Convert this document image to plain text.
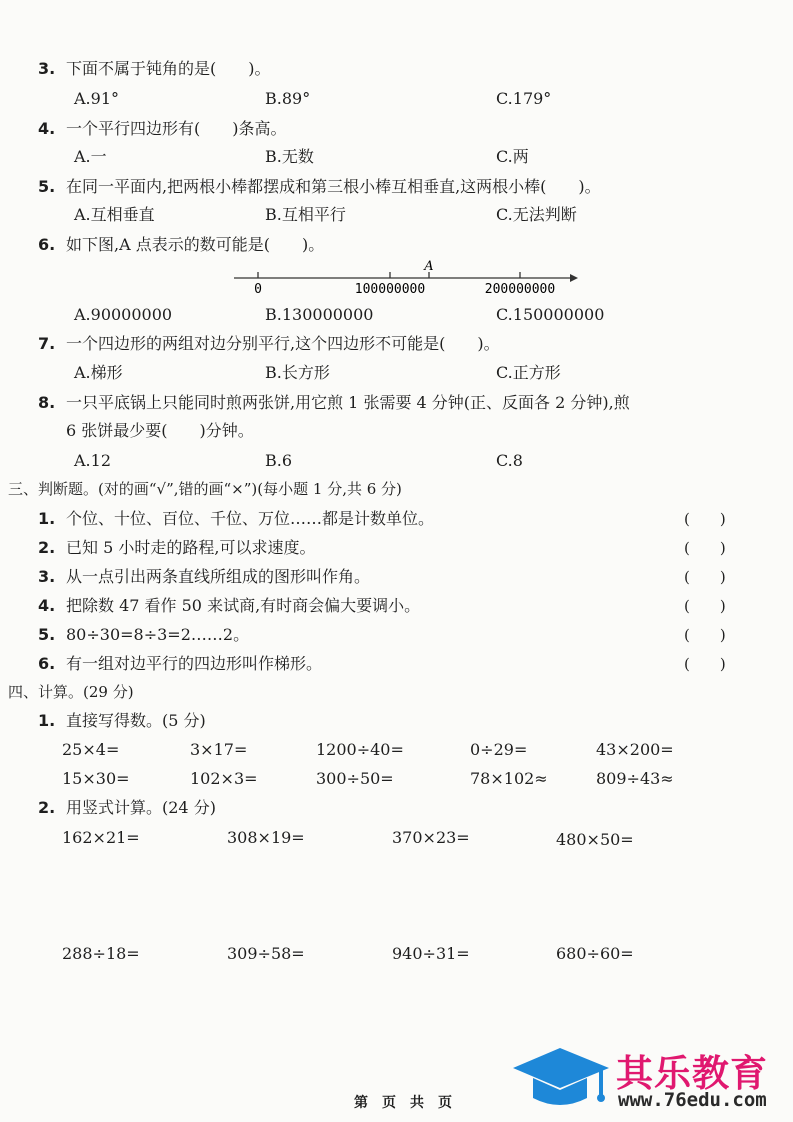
3. 下面不属于钝角的是(　　)。
A.91°	B.89°	C.179°
4. 一个平行四边形有(　　)条高。
A.一	B.无数	C.两
5. 在同一平面内,把两根小棒都摆成和第三根小棒互相垂直,这两根小棒(　　)。
A.互相垂直	B.互相平行	C.无法判断
6. 如下图,A 点表示的数可能是(　　)。
A
0	100000000	200000000
A.90000000	B.130000000	C.150000000
7. 一个四边形的两组对边分别平行,这个四边形不可能是(　　)。
A.梯形	B.长方形	C.正方形
8. 一只平底锅上只能同时煎两张饼,用它煎 1 张需要 4 分钟(正、反面各 2 分钟),煎
6 张饼最少要(　　)分钟。
A.12	B.6	C.8
三、判断题。(对的画“√”,错的画“×”)(每小题 1 分,共 6 分)
1. 个位、十位、百位、千位、万位……都是计数单位。	(　　)
2. 已知 5 小时走的路程,可以求速度。	(　　)
3. 从一点引出两条直线所组成的图形叫作角。	(　　)
4. 把除数 47 看作 50 来试商,有时商会偏大要调小。	(　　)
5. 80÷30=8÷3=2……2。	(　　)
6. 有一组对边平行的四边形叫作梯形。	(　　)
四、计算。(29 分)
1. 直接写得数。(5 分)
25×4=	3×17=	1200÷40=	0÷29=	43×200=
15×30=	102×3=	300÷50=	78×102≈	809÷43≈
2. 用竖式计算。(24 分)
162×21=	308×19=	370×23=	480×50=
288÷18=	309÷58=	940÷31=	680÷60=
第　页　共　页
其乐教育
www.76edu.com
